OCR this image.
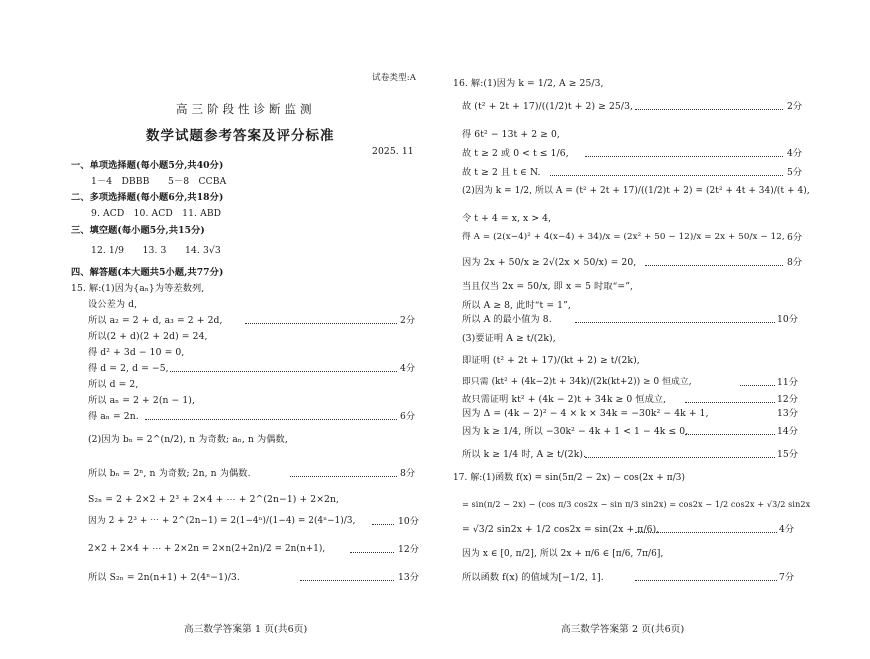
试卷类型:A
高三阶段性诊断监测
数学试题参考答案及评分标准
2025. 11
一、单项选择题(每小题5分,共40分)
1－4　DBBB　　5－8　CCBA
二、多项选择题(每小题6分,共18分)
9. ACD　10. ACD　11. ABD
三、填空题(每小题5分,共15分)
12. 1/9　　13. 3　　14. 3√3
四、解答题(本大题共5小题,共77分)
15. 解:(1)因为{aₙ}为等差数列,
设公差为 d,
所以 a₂ = 2 + d, a₃ = 2 + 2d,	2分
所以(2 + d)(2 + 2d) = 24,
得 d² + 3d − 10 = 0,
得 d = 2, d = −5,	4分
所以 d = 2,
所以 aₙ = 2 + 2(n − 1),
得 aₙ = 2n.	6分
(2)因为 bₙ = 2^(n/2), n 为奇数; aₙ, n 为偶数,
所以 bₙ = 2ⁿ, n 为奇数; 2n, n 为偶数.	8分
S₂ₙ = 2 + 2×2 + 2³ + 2×4 + ⋯ + 2^(2n−1) + 2×2n,
因为 2 + 2³ + ⋯ + 2^(2n−1) = 2(1−4ⁿ)/(1−4) = 2(4ⁿ−1)/3,	10分
2×2 + 2×4 + ⋯ + 2×2n = 2×n(2+2n)/2 = 2n(n+1),	12分
所以 S₂ₙ = 2n(n+1) + 2(4ⁿ−1)/3.	13分
高三数学答案第 1 页(共6页)
16. 解:(1)因为 k = 1/2, A ≥ 25/3,
故 (t² + 2t + 17)/((1/2)t + 2) ≥ 25/3,	2分
得 6t² − 13t + 2 ≥ 0,
故 t ≥ 2 或 0 < t ≤ 1/6,	4分
故 t ≥ 2 且 t ∈ N.	5分
(2)因为 k = 1/2, 所以 A = (t² + 2t + 17)/((1/2)t + 2) = (2t² + 4t + 34)/(t + 4),
令 t + 4 = x, x > 4,
得 A = (2(x−4)² + 4(x−4) + 34)/x = (2x² + 50 − 12)/x = 2x + 50/x − 12, 6分
因为 2x + 50/x ≥ 2√(2x × 50/x) = 20,	8分
当且仅当 2x = 50/x, 即 x = 5 时取“=”,
所以 A ≥ 8, 此时“t = 1”,
所以 A 的最小值为 8.	10分
(3)要证明 A ≥ t/(2k),
即证明 (t² + 2t + 17)/(kt + 2) ≥ t/(2k),
即只需 (kt² + (4k−2)t + 34k)/(2k(kt+2)) ≥ 0 恒成立,	11分
故只需证明 kt² + (4k − 2)t + 34k ≥ 0 恒成立,	12分
因为 Δ = (4k − 2)² − 4 × k × 34k = −30k² − 4k + 1,	13分
因为 k ≥ 1/4, 所以 −30k² − 4k + 1 < 1 − 4k ≤ 0,	14分
所以 k ≥ 1/4 时, A ≥ t/(2k).	15分
17. 解:(1)函数 f(x) = sin(5π/2 − 2x) − cos(2x + π/3)
= sin(π/2 − 2x) − (cos π/3 cos2x − sin π/3 sin2x) = cos2x − 1/2 cos2x + √3/2 sin2x
= √3/2 sin2x + 1/2 cos2x = sin(2x + π/6),	4分
因为 x ∈ [0, π/2], 所以 2x + π/6 ∈ [π/6, 7π/6],
所以函数 f(x) 的值域为[−1/2, 1].	7分
高三数学答案第 2 页(共6页)
